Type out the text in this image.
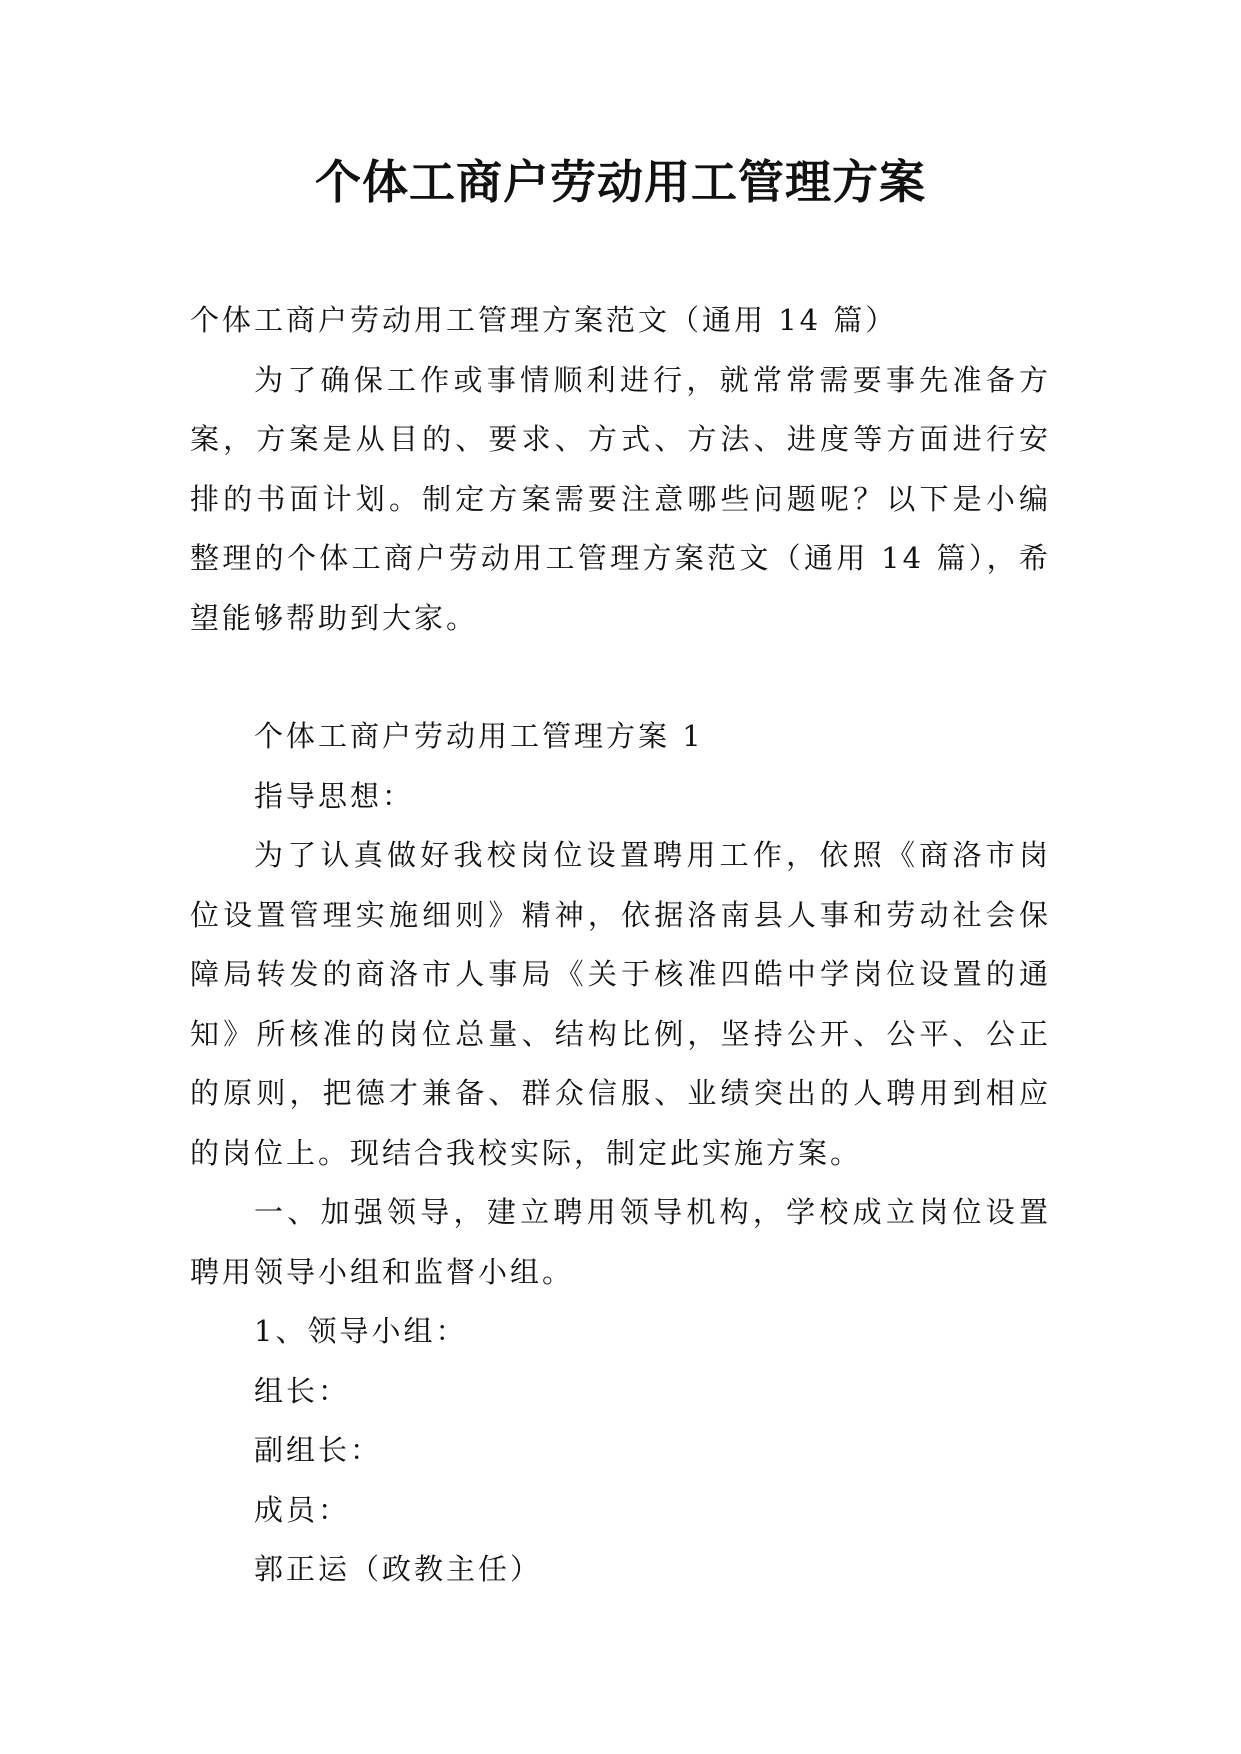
个体工商户劳动用工管理方案

个体工商户劳动用工管理方案范文（通用 14 篇）

为了确保工作或事情顺利进行，就常常需要事先准备方案，方案是从目的、要求、方式、方法、进度等方面进行安排的书面计划。制定方案需要注意哪些问题呢？以下是小编整理的个体工商户劳动用工管理方案范文（通用 14 篇），希望能够帮助到大家。

个体工商户劳动用工管理方案 1

指导思想：

为了认真做好我校岗位设置聘用工作，依照《商洛市岗位设置管理实施细则》精神，依据洛南县人事和劳动社会保障局转发的商洛市人事局《关于核准四皓中学岗位设置的通知》所核准的岗位总量、结构比例，坚持公开、公平、公正的原则，把德才兼备、群众信服、业绩突出的人聘用到相应的岗位上。现结合我校实际，制定此实施方案。

一、加强领导，建立聘用领导机构，学校成立岗位设置聘用领导小组和监督小组。

1、领导小组：

组长：

副组长：

成员：

郭正运（政教主任）
